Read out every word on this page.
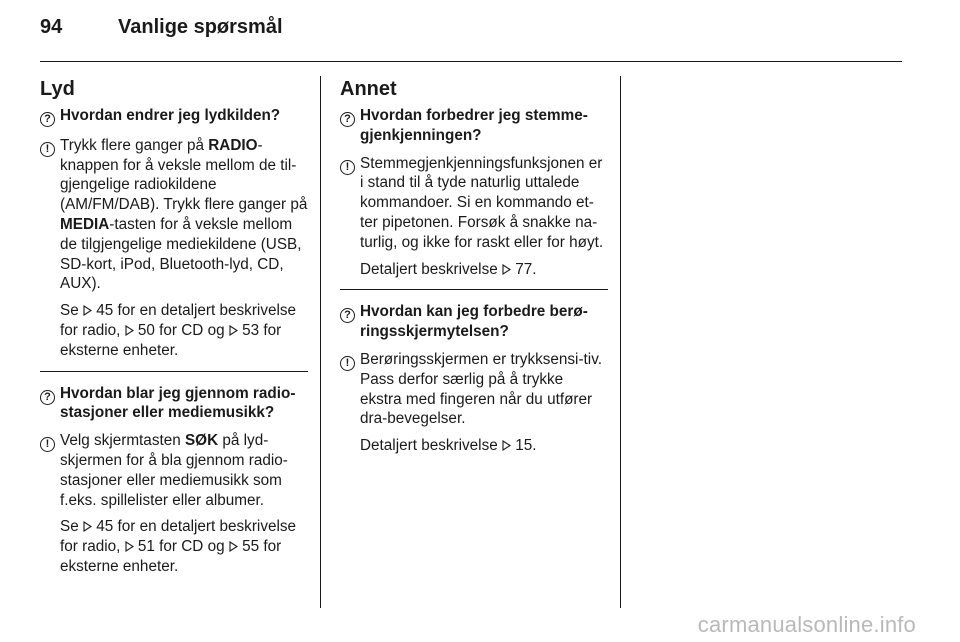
94	Vanlige spørsmål
Lyd
? Hvordan endrer jeg lydkilden?
! Trykk flere ganger på RADIO-knappen for å veksle mellom de til-gjengelige radiokildene (AM/FM/DAB). Trykk flere ganger på MEDIA-tasten for å veksle mellom de tilgjengelige mediekildene (USB, SD-kort, iPod, Bluetooth-lyd, CD, AUX).
Se  45 for en detaljert beskrivelse for radio,  50 for CD og  53 for eksterne enheter.
? Hvordan blar jeg gjennom radio-stasjoner eller mediemusikk?
! Velg skjermtasten SØK på lyd-skjermen for å bla gjennom radio-stasjoner eller mediemusikk som f.eks. spillelister eller albumer.
Se  45 for en detaljert beskrivelse for radio,  51 for CD og  55 for eksterne enheter.
Annet
? Hvordan forbedrer jeg stemme-gjenkjenningen?
! Stemmegjenkjenningsfunksjonen er i stand til å tyde naturlig uttalede kommandoer. Si en kommando et-ter pipetonen. Forsøk å snakke na-turlig, og ikke for raskt eller for høyt.
Detaljert beskrivelse  77.
? Hvordan kan jeg forbedre berø-ringsskjermytelsen?
! Berøringsskjermen er trykksensi-tiv. Pass derfor særlig på å trykke ekstra med fingeren når du utfører dra-bevegelser.
Detaljert beskrivelse  15.
carmanualsonline.info
